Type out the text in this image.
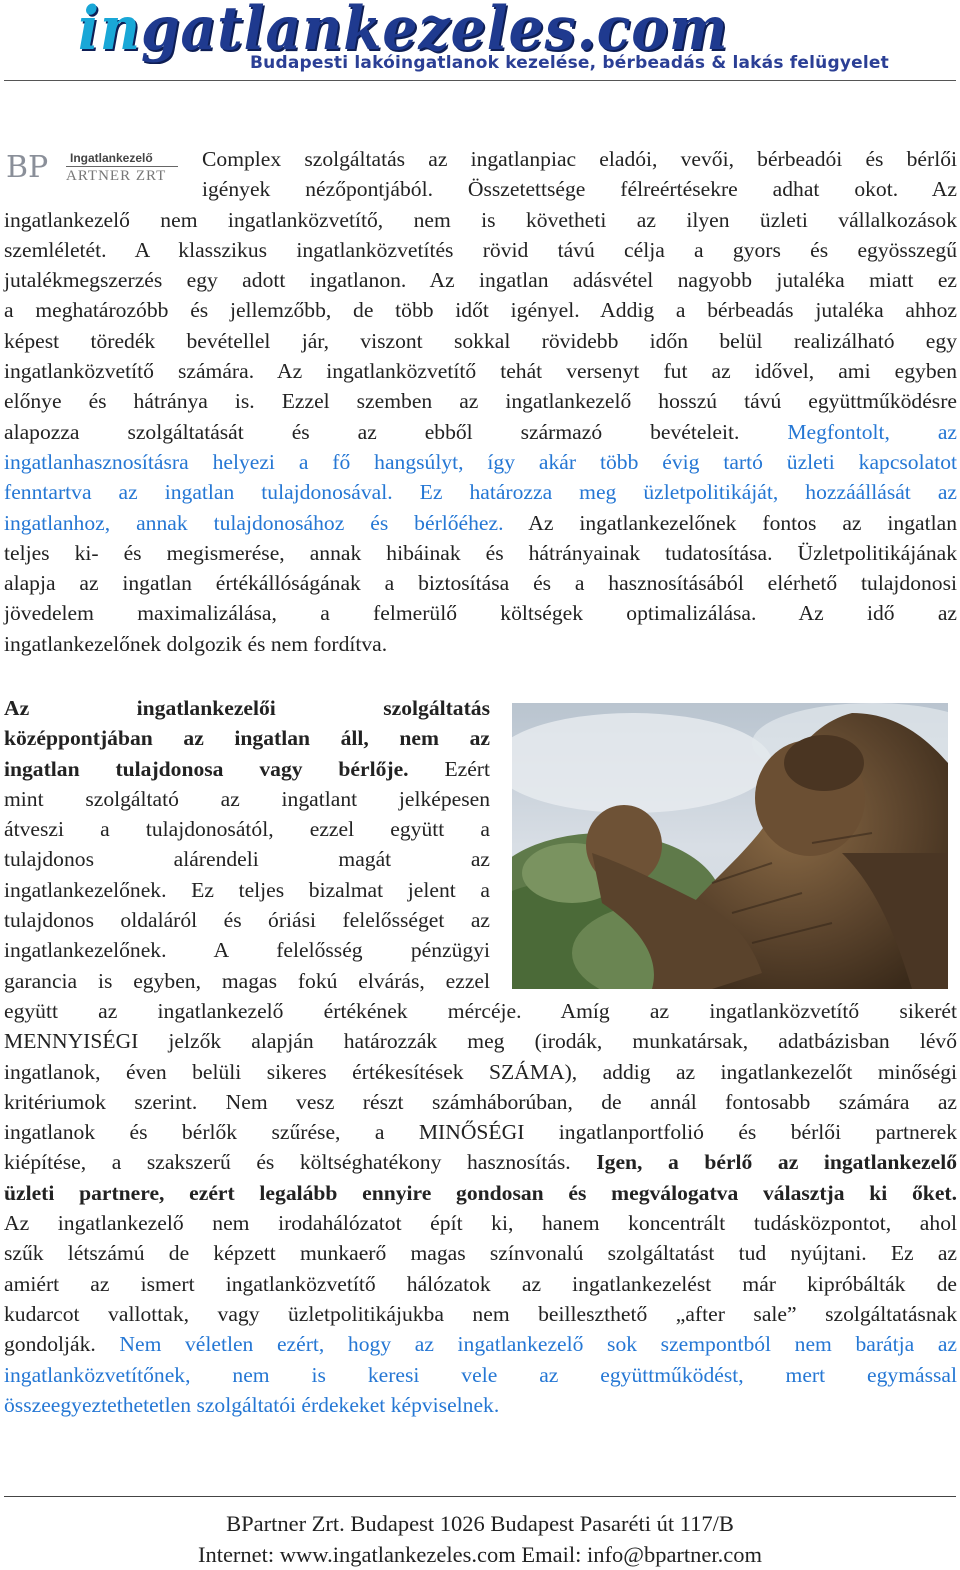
ingatlankezeles.com
Budapesti lakóingatlanok kezelése, bérbeadás & lakás felügyelet
BP Ingatlankezelő
ARTNER ZRT
Complex szolgáltatás az ingatlanpiac eladói, vevői, bérbeadói és bérlői
igények nézőpontjából. Összetettsége félreértésekre adhat okot. Az
ingatlankezelő nem ingatlanközvetítő, nem is követheti az ilyen üzleti vállalkozások
szemléletét. A klasszikus ingatlanközvetítés rövid távú célja a gyors és egyösszegű
jutalékmegszerzés egy adott ingatlanon. Az ingatlan adásvétel nagyobb jutaléka miatt ez
a meghatározóbb és jellemzőbb, de több időt igényel. Addig a bérbeadás jutaléka ahhoz
képest töredék bevétellel jár, viszont sokkal rövidebb időn belül realizálható egy
ingatlanközvetítő számára. Az ingatlanközvetítő tehát versenyt fut az idővel, ami egyben
előnye és hátránya is. Ezzel szemben az ingatlankezelő hosszú távú együttműködésre
alapozza szolgáltatását és az ebből származó bevételeit. Megfontolt, az
ingatlanhasznosításra helyezi a fő hangsúlyt, így akár több évig tartó üzleti kapcsolatot
fenntartva az ingatlan tulajdonosával. Ez határozza meg üzletpolitikáját, hozzáállását az
ingatlanhoz, annak tulajdonosához és bérlőéhez. Az ingatlankezelőnek fontos az ingatlan
teljes ki- és megismerése, annak hibáinak és hátrányainak tudatosítása. Üzletpolitikájának
alapja az ingatlan értékállóságának a biztosítása és a hasznosításából elérhető tulajdonosi
jövedelem maximalizálása, a felmerülő költségek optimalizálása. Az idő az
ingatlankezelőnek dolgozik és nem fordítva.
Az ingatlankezelői szolgáltatás
középpontjában az ingatlan áll, nem az
ingatlan tulajdonosa vagy bérlője. Ezért
mint szolgáltató az ingatlant jelképesen
átveszi a tulajdonosától, ezzel együtt a
tulajdonos alárendeli magát az
ingatlankezelőnek. Ez teljes bizalmat jelent a
tulajdonos oldaláról és óriási felelősséget az
ingatlankezelőnek. A felelősség pénzügyi
garancia is egyben, magas fokú elvárás, ezzel
együtt az ingatlankezelő értékének mércéje. Amíg az ingatlanközvetítő sikerét
MENNYISÉGI jelzők alapján határozzák meg (irodák, munkatársak, adatbázisban lévő
ingatlanok, éven belüli sikeres értékesítések SZÁMA), addig az ingatlankezelőt minőségi
kritériumok szerint. Nem vesz részt számháborúban, de annál fontosabb számára az
ingatlanok és bérlők szűrése, a MINŐSÉGI ingatlanportfolió és bérlői partnerek
kiépítése, a szakszerű és költséghatékony hasznosítás. Igen, a bérlő az ingatlankezelő
üzleti partnere, ezért legalább ennyire gondosan és megválogatva választja ki őket.
Az ingatlankezelő nem irodahálózatot épít ki, hanem koncentrált tudásközpontot, ahol
szűk létszámú de képzett munkaerő magas színvonalú szolgáltatást tud nyújtani. Ez az
amiért az ismert ingatlanközvetítő hálózatok az ingatlankezelést már kipróbálták de
kudarcot vallottak, vagy üzletpolitikájukba nem beilleszthető „after sale” szolgáltatásnak
gondolják. Nem véletlen ezért, hogy az ingatlankezelő sok szempontból nem barátja az
ingatlanközvetítőnek, nem is keresi vele az együttműködést, mert egymással
összeegyeztethetetlen szolgáltatói érdekeket képviselnek.
BPartner Zrt. Budapest 1026 Budapest Pasaréti út 117/B
Internet: www.ingatlankezeles.com Email: info@bpartner.com
